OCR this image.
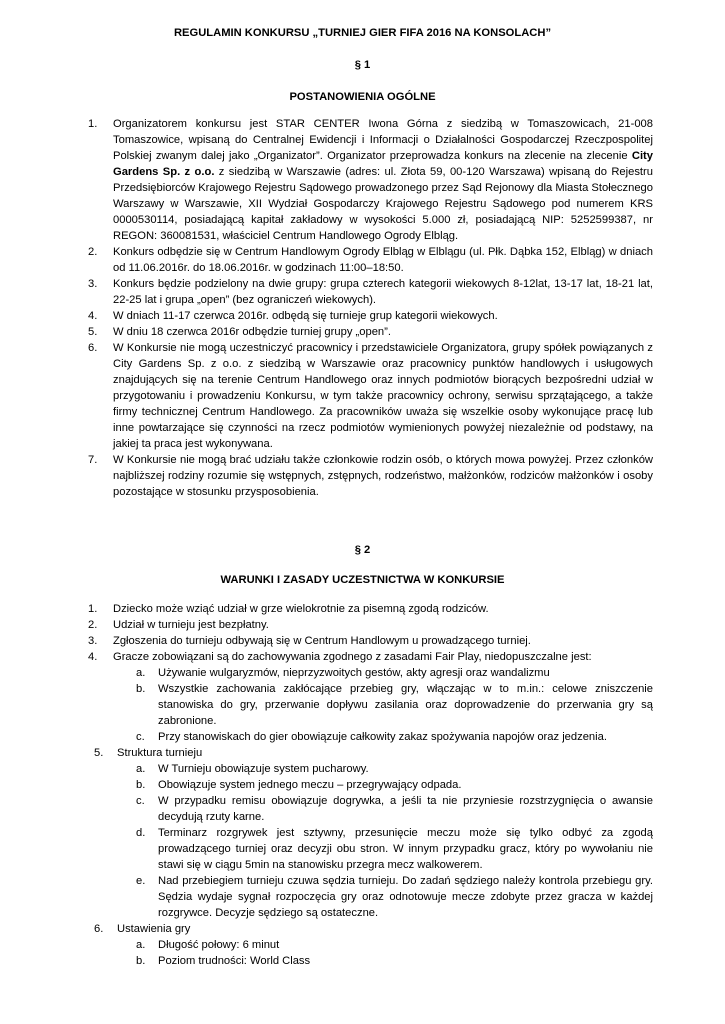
REGULAMIN KONKURSU „TURNIEJ GIER FIFA 2016 NA KONSOLACH”
§ 1
POSTANOWIENIA OGÓLNE
1. Organizatorem konkursu jest STAR CENTER Iwona Górna z siedzibą w Tomaszowicach, 21-008 Tomaszowice, wpisaną do Centralnej Ewidencji i Informacji o Działalności Gospodarczej Rzeczpospolitej Polskiej zwanym dalej jako „Organizator”. Organizator przeprowadza konkurs na zlecenie na zlecenie City Gardens Sp. z o.o. z siedzibą w Warszawie (adres: ul. Złota 59, 00-120 Warszawa) wpisaną do Rejestru Przedsiębiorców Krajowego Rejestru Sądowego prowadzonego przez Sąd Rejonowy dla Miasta Stołecznego Warszawy w Warszawie, XII Wydział Gospodarczy Krajowego Rejestru Sądowego pod numerem KRS 0000530114, posiadającą kapitał zakładowy w wysokości 5.000 zł, posiadającą NIP: 5252599387, nr REGON: 360081531, właściciel Centrum Handlowego Ogrody Elbląg.
2. Konkurs odbędzie się w Centrum Handlowym Ogrody Elbląg w Elblągu (ul. Płk. Dąbka 152, Elbląg) w dniach od 11.06.2016r. do 18.06.2016r. w godzinach 11:00–18:50.
3. Konkurs będzie podzielony na dwie grupy: grupa czterech kategorii wiekowych 8-12lat, 13-17 lat, 18-21 lat, 22-25 lat i grupa „open” (bez ograniczeń wiekowych).
4. W dniach 11-17 czerwca 2016r. odbędą się turnieje grup kategorii wiekowych.
5. W dniu 18 czerwca 2016r odbędzie turniej grupy „open”.
6. W Konkursie nie mogą uczestniczyć pracownicy i przedstawiciele Organizatora, grupy spółek powiązanych z City Gardens Sp. z o.o. z siedzibą w Warszawie oraz pracownicy punktów handlowych i usługowych znajdujących się na terenie Centrum Handlowego oraz innych podmiotów biorących bezpośredni udział w przygotowaniu i prowadzeniu Konkursu, w tym także pracownicy ochrony, serwisu sprzątającego, a także firmy technicznej Centrum Handlowego. Za pracowników uważa się wszelkie osoby wykonujące pracę lub inne powtarzające się czynności na rzecz podmiotów wymienionych powyżej niezależnie od podstawy, na jakiej ta praca jest wykonywana.
7. W Konkursie nie mogą brać udziału także członkowie rodzin osób, o których mowa powyżej. Przez członków najbliższej rodziny rozumie się wstępnych, zstępnych, rodzeństwo, małżonków, rodziców małżonków i osoby pozostające w stosunku przysposobienia.
§ 2
WARUNKI I ZASADY UCZESTNICTWA W KONKURSIE
1. Dziecko może wziąć udział w grze wielokrotnie za pisemną zgodą rodziców.
2. Udział w turnieju jest bezpłatny.
3. Zgłoszenia do turnieju odbywają się w Centrum Handlowym u prowadzącego turniej.
4. Gracze zobowiązani są do zachowywania zgodnego z zasadami Fair Play, niedopuszczalne jest:
a. Używanie wulgaryzmów, nieprzyzwoitych gestów, akty agresji oraz wandalizmu
b. Wszystkie zachowania zakłócające przebieg gry, włączając w to m.in.: celowe zniszczenie stanowiska do gry, przerwanie dopływu zasilania oraz doprowadzenie do przerwania gry są zabronione.
c. Przy stanowiskach do gier obowiązuje całkowity zakaz spożywania napojów oraz jedzenia.
5. Struktura turnieju
a. W Turnieju obowiązuje system pucharowy.
b. Obowiązuje system jednego meczu – przegrywający odpada.
c. W przypadku remisu obowiązuje dogrywka, a jeśli ta nie przyniesie rozstrzygnięcia o awansie decydują rzuty karne.
d. Terminarz rozgrywek jest sztywny, przesunięcie meczu może się tylko odbyć za zgodą prowadzącego turniej oraz decyzji obu stron. W innym przypadku gracz, który po wywołaniu nie stawi się w ciągu 5min na stanowisku przegra mecz walkowerem.
e. Nad przebiegiem turnieju czuwa sędzia turnieju. Do zadań sędziego należy kontrola przebiegu gry. Sędzia wydaje sygnał rozpoczęcia gry oraz odnotowuje mecze zdobyte przez gracza w każdej rozgrywce. Decyzje sędziego są ostateczne.
6. Ustawienia gry
a. Długość połowy: 6 minut
b. Poziom trudności: World Class
